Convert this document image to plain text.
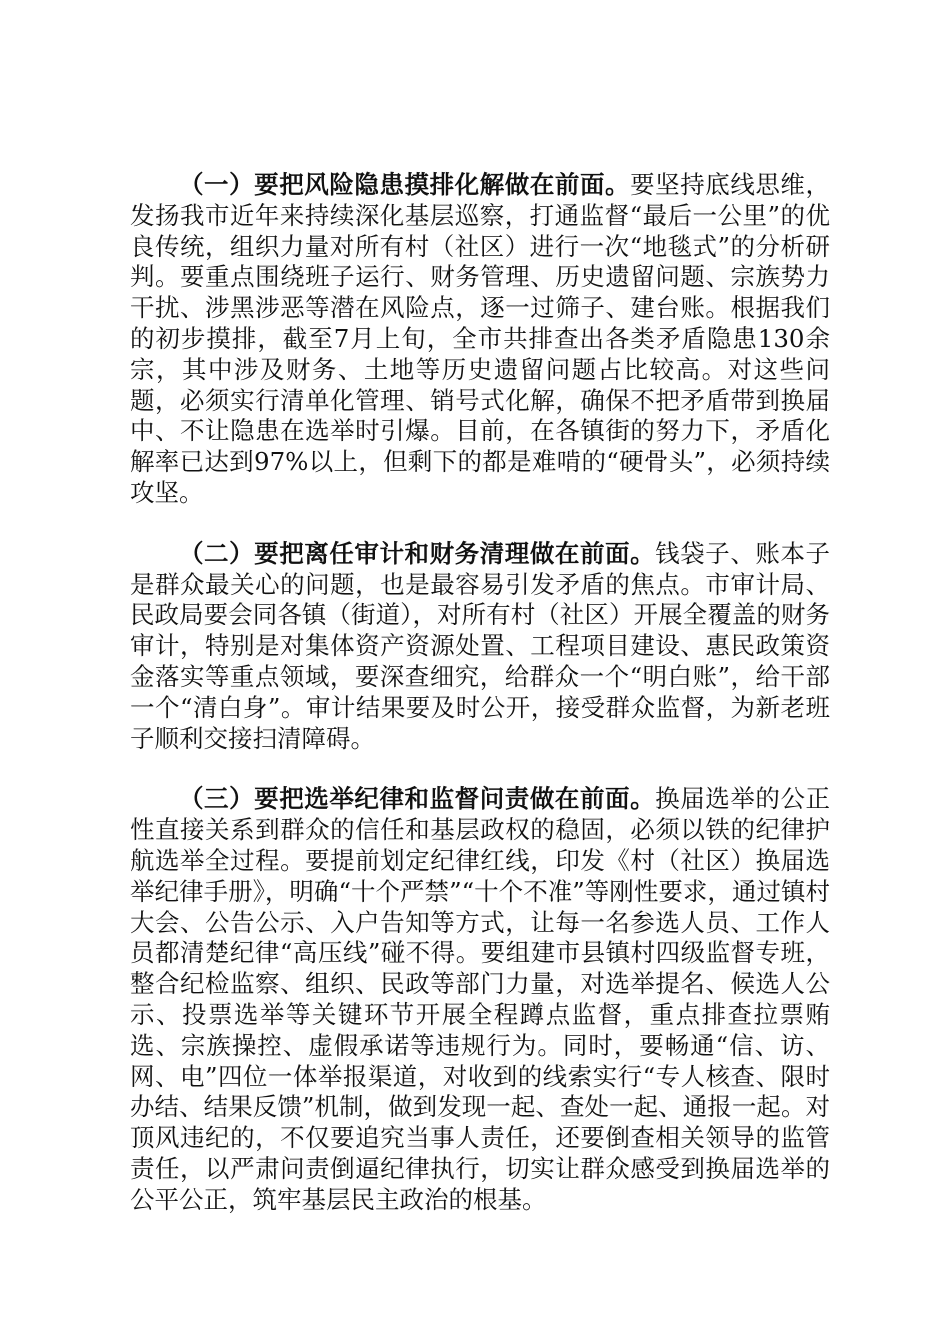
（一）要把风险隐患摸排化解做在前面。要坚持底线思维，发扬我市近年来持续深化基层巡察，打通监督“最后一公里”的优良传统，组织力量对所有村（社区）进行一次“地毯式”的分析研判。要重点围绕班子运行、财务管理、历史遗留问题、宗族势力干扰、涉黑涉恶等潜在风险点，逐一过筛子、建台账。根据我们的初步摸排，截至7月上旬，全市共排查出各类矛盾隐患130余宗，其中涉及财务、土地等历史遗留问题占比较高。对这些问题，必须实行清单化管理、销号式化解，确保不把矛盾带到换届中、不让隐患在选举时引爆。目前，在各镇街的努力下，矛盾化解率已达到97%以上，但剩下的都是难啃的“硬骨头”，必须持续攻坚。

（二）要把离任审计和财务清理做在前面。钱袋子、账本子是群众最关心的问题，也是最容易引发矛盾的焦点。市审计局、民政局要会同各镇（街道），对所有村（社区）开展全覆盖的财务审计，特别是对集体资产资源处置、工程项目建设、惠民政策资金落实等重点领域，要深查细究，给群众一个“明白账”，给干部一个“清白身”。审计结果要及时公开，接受群众监督，为新老班子顺利交接扫清障碍。

（三）要把选举纪律和监督问责做在前面。换届选举的公正性直接关系到群众的信任和基层政权的稳固，必须以铁的纪律护航选举全过程。要提前划定纪律红线，印发《村（社区）换届选举纪律手册》，明确“十个严禁”“十个不准”等刚性要求，通过镇村大会、公告公示、入户告知等方式，让每一名参选人员、工作人员都清楚纪律“高压线”碰不得。要组建市县镇村四级监督专班，整合纪检监察、组织、民政等部门力量，对选举提名、候选人公示、投票选举等关键环节开展全程蹲点监督，重点排查拉票贿选、宗族操控、虚假承诺等违规行为。同时，要畅通“信、访、网、电”四位一体举报渠道，对收到的线索实行“专人核查、限时办结、结果反馈”机制，做到发现一起、查处一起、通报一起。对顶风违纪的，不仅要追究当事人责任，还要倒查相关领导的监管责任，以严肃问责倒逼纪律执行，切实让群众感受到换届选举的公平公正，筑牢基层民主政治的根基。
